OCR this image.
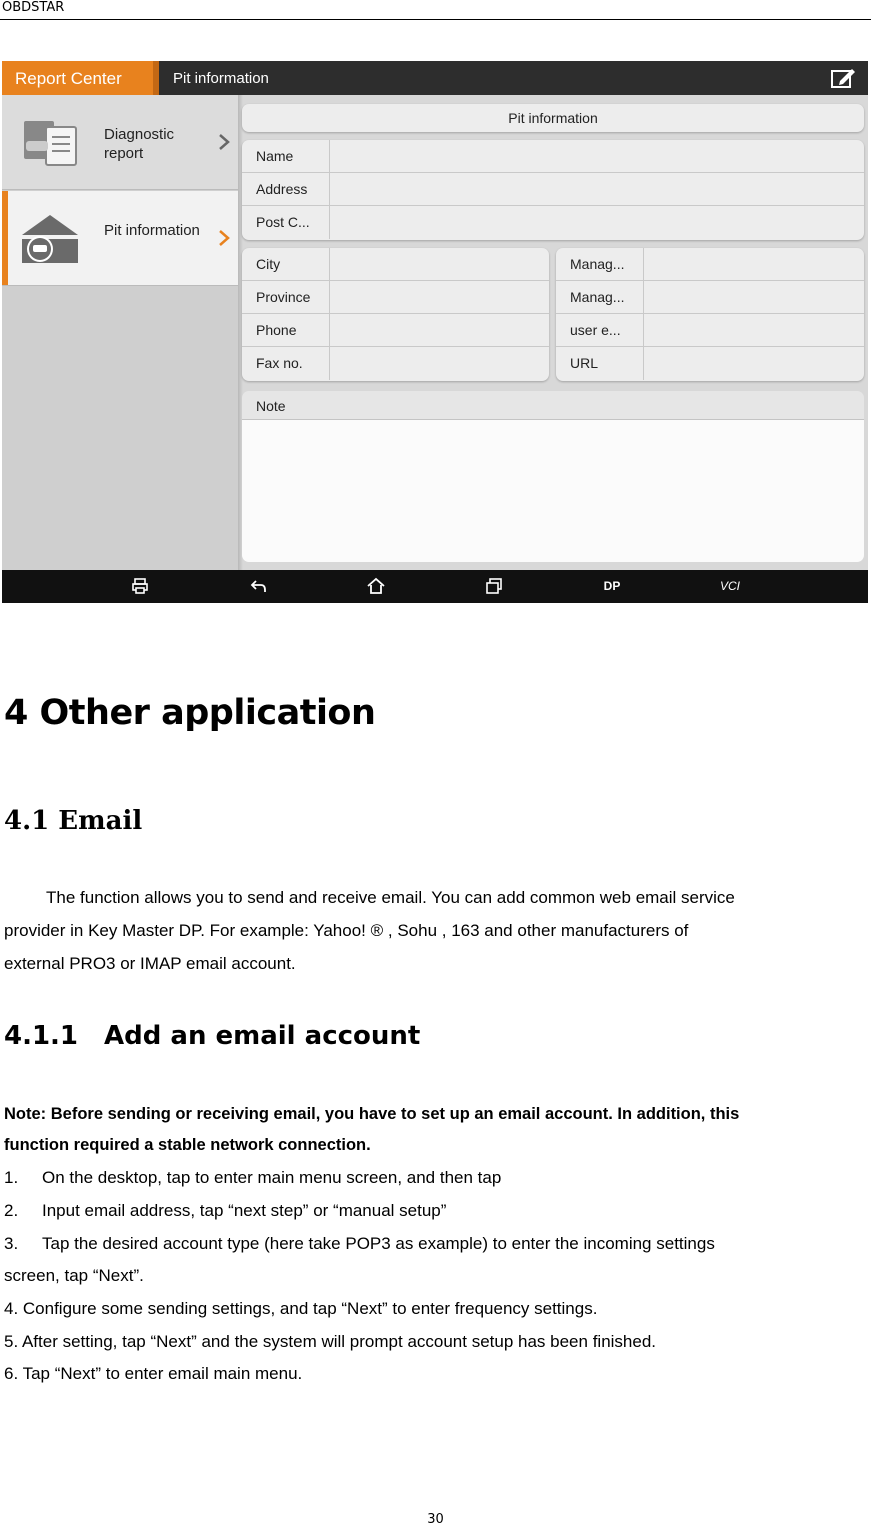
OBDSTAR
Report Center	Pit information
Diagnostic report
Pit information
Pit information
Name
Address
Post C...
City
Province
Phone
Fax no.
Manag...
Manag...
user e...
URL
Note
DP	VCI
4 Other application
4.1 Email
The function allows you to send and receive email. You can add common web email service
provider in Key Master DP. For example: Yahoo! ® , Sohu , 163 and other manufacturers of
external PRO3 or IMAP email account.
4.1.1 Add an email account
Note: Before sending or receiving email, you have to set up an email account. In addition, this
function required a stable network connection.
1. On the desktop, tap to enter main menu screen, and then tap
2. Input email address, tap “next step” or “manual setup”
3. Tap the desired account type (here take POP3 as example) to enter the incoming settings
screen, tap “Next”.
4. Configure some sending settings, and tap “Next” to enter frequency settings.
5. After setting, tap “Next” and the system will prompt account setup has been finished.
6. Tap “Next” to enter email main menu.
30
